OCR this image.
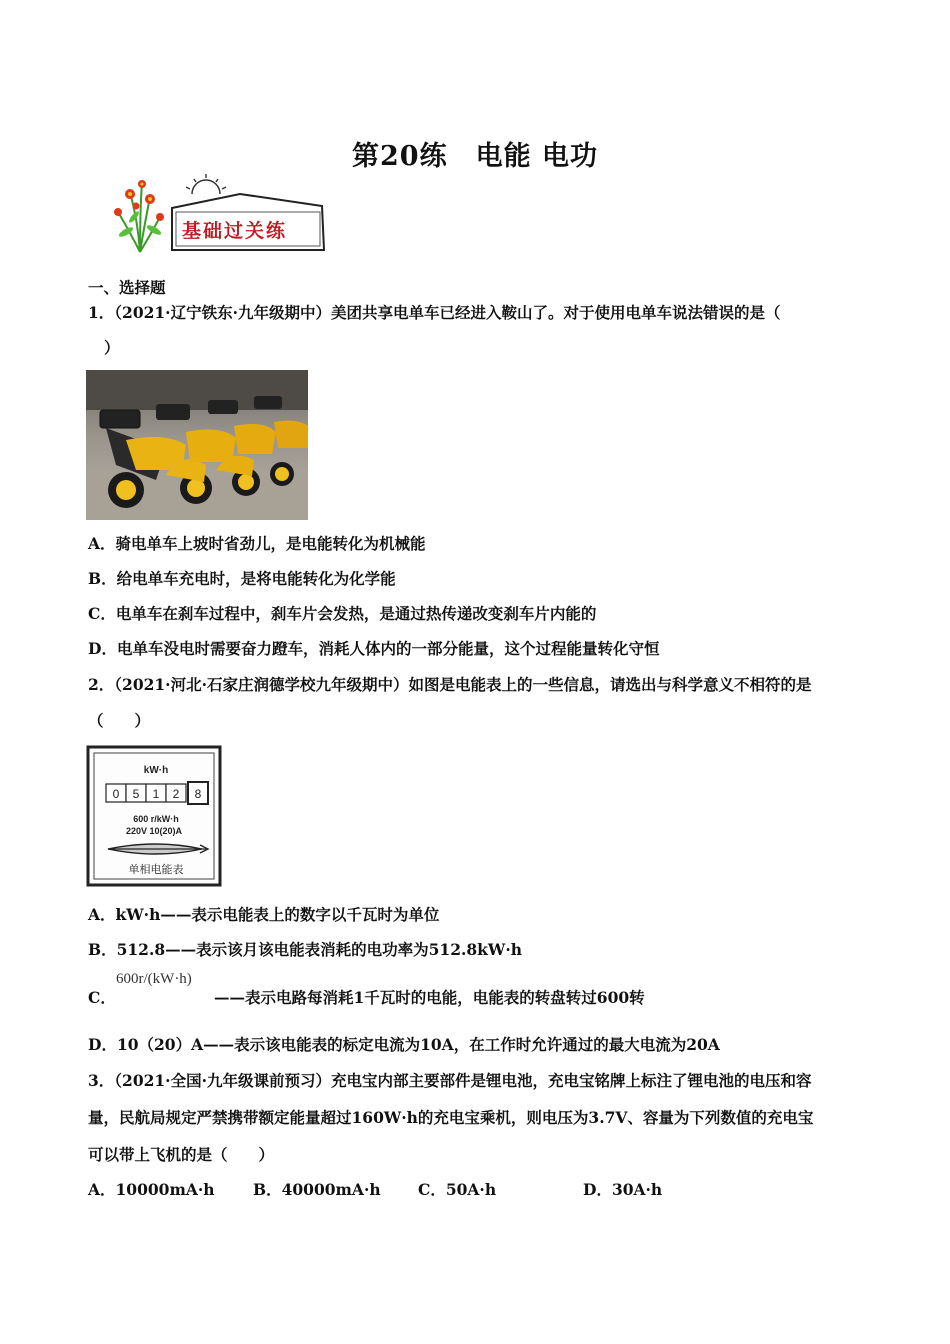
第20练　电能 电功
基础过关练
一、选择题
1．（2021·辽宁铁东·九年级期中）美团共享电单车已经进入鞍山了。对于使用电单车说法错误的是（
）
A．骑电单车上坡时省劲儿，是电能转化为机械能
B．给电单车充电时，是将电能转化为化学能
C．电单车在刹车过程中，刹车片会发热，是通过热传递改变刹车片内能的
D．电单车没电时需要奋力蹬车，消耗人体内的一部分能量，这个过程能量转化守恒
2．（2021·河北·石家庄润德学校九年级期中）如图是电能表上的一些信息，请选出与科学意义不相符的是
（　　）
kW·h
0 5 1 2 8
600 r/kW·h
220V 10(20)A
单相电能表
A．kW·h——表示电能表上的数字以千瓦时为单位
B．512.8——表示该月该电能表消耗的电功率为512.8kW·h
C．
600r/(kW·h)
——表示电路每消耗1千瓦时的电能，电能表的转盘转过600转
D．10（20）A——表示该电能表的标定电流为10A，在工作时允许通过的最大电流为20A
3．（2021·全国·九年级课前预习）充电宝内部主要部件是锂电池，充电宝铭牌上标注了锂电池的电压和容
量，民航局规定严禁携带额定能量超过160W·h的充电宝乘机，则电压为3.7V、容量为下列数值的充电宝
可以带上飞机的是（　　）
A．10000mA·h B．40000mA·h C．50A·h	D．30A·h
